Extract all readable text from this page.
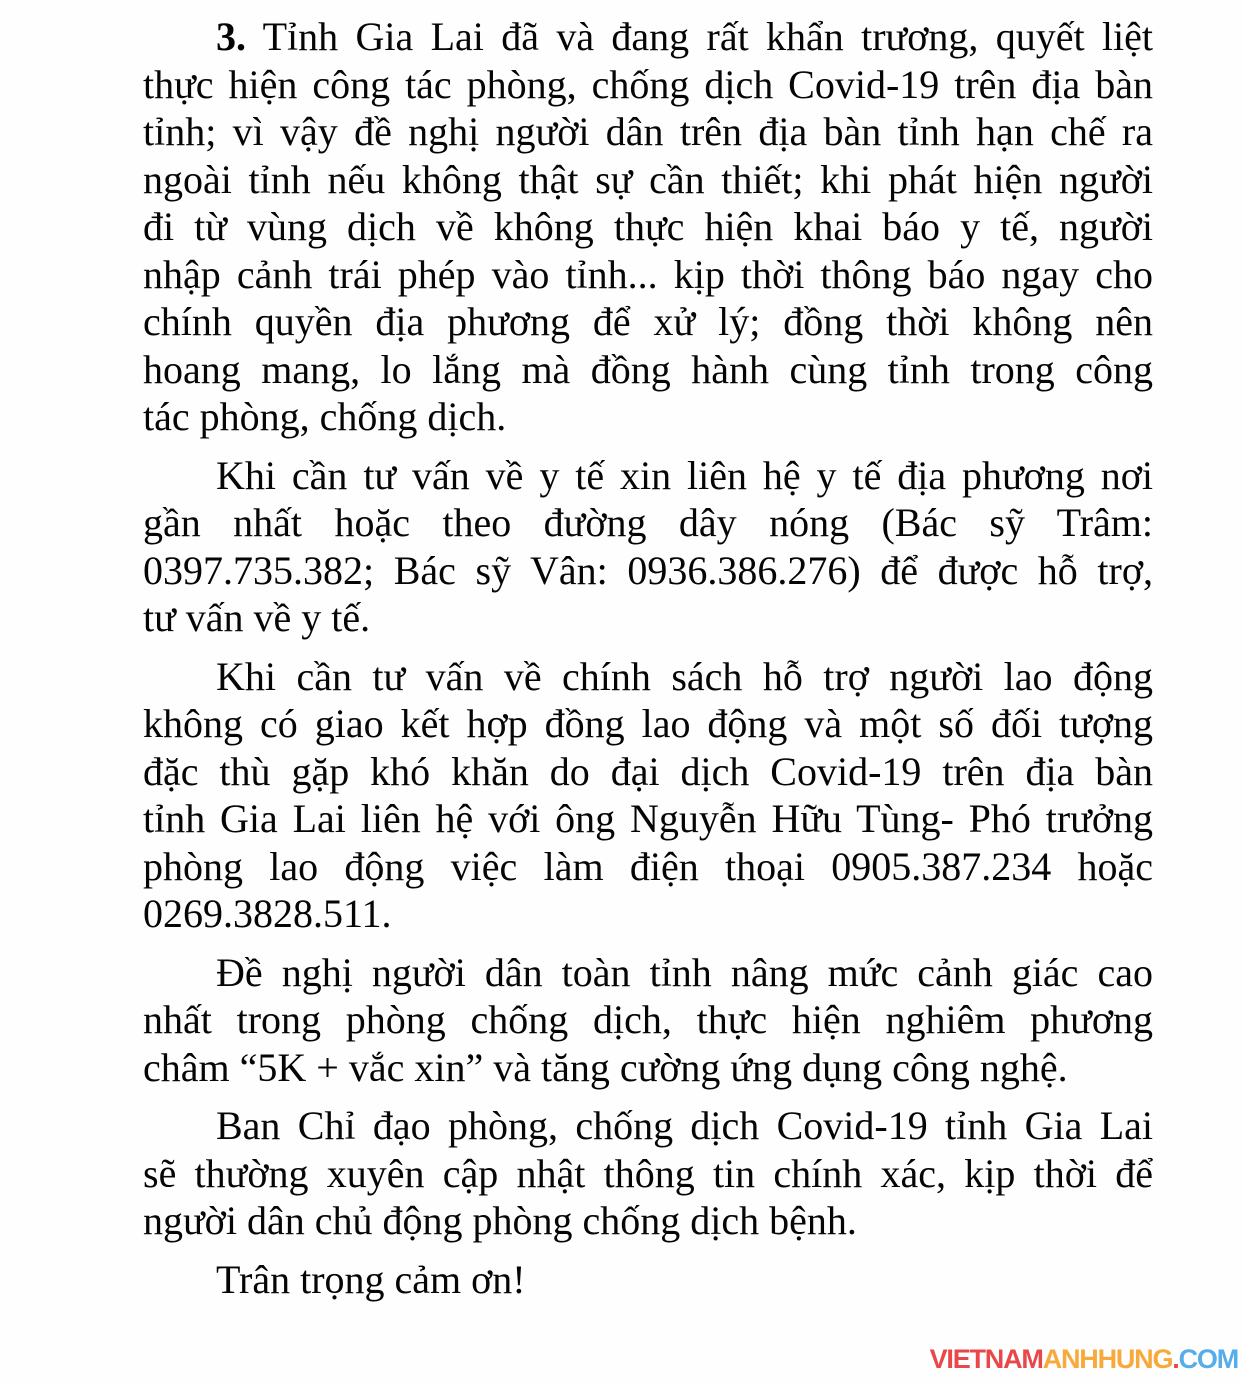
3. Tỉnh Gia Lai đã và đang rất khẩn trương, quyết liệt
thực hiện công tác phòng, chống dịch Covid-19 trên địa bàn
tỉnh; vì vậy đề nghị người dân trên địa bàn tỉnh hạn chế ra
ngoài tỉnh nếu không thật sự cần thiết; khi phát hiện người
đi từ vùng dịch về không thực hiện khai báo y tế, người
nhập cảnh trái phép vào tỉnh... kịp thời thông báo ngay cho
chính quyền địa phương để xử lý; đồng thời không nên
hoang mang, lo lắng mà đồng hành cùng tỉnh trong công
tác phòng, chống dịch.
Khi cần tư vấn về y tế xin liên hệ y tế địa phương nơi
gần nhất hoặc theo đường dây nóng (Bác sỹ Trâm:
0397.735.382; Bác sỹ Vân: 0936.386.276) để được hỗ trợ,
tư vấn về y tế.
Khi cần tư vấn về chính sách hỗ trợ người lao động
không có giao kết hợp đồng lao động và một số đối tượng
đặc thù gặp khó khăn do đại dịch Covid-19 trên địa bàn
tỉnh Gia Lai liên hệ với ông Nguyễn Hữu Tùng- Phó trưởng
phòng lao động việc làm điện thoại 0905.387.234 hoặc
0269.3828.511.
Đề nghị người dân toàn tỉnh nâng mức cảnh giác cao
nhất trong phòng chống dịch, thực hiện nghiêm phương
châm “5K + vắc xin” và tăng cường ứng dụng công nghệ.
Ban Chỉ đạo phòng, chống dịch Covid-19 tỉnh Gia Lai
sẽ thường xuyên cập nhật thông tin chính xác, kịp thời để
người dân chủ động phòng chống dịch bệnh.
Trân trọng cảm ơn!
VIETNAMANHHUNG.COM
